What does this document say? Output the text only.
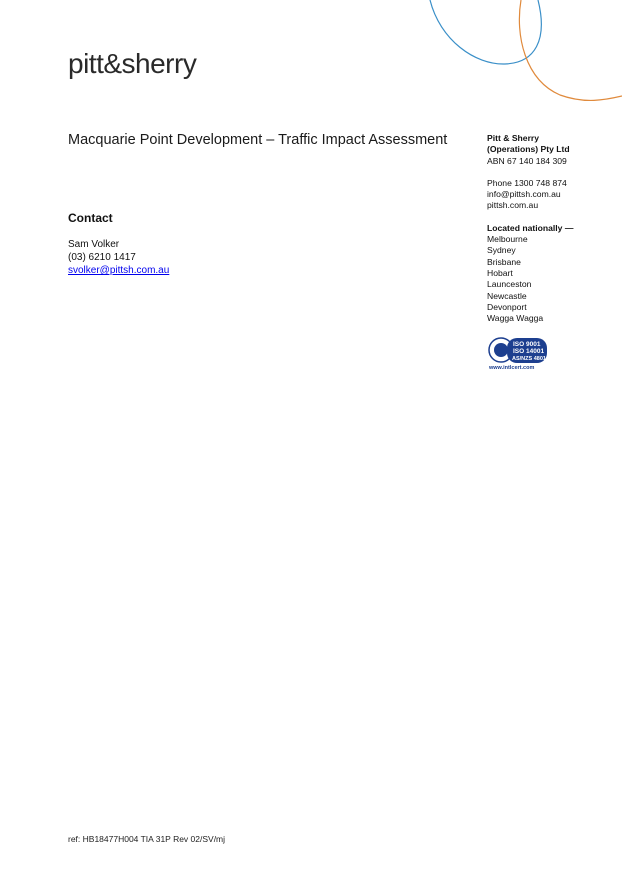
pitt&sherry
Macquarie Point Development – Traffic Impact Assessment
Contact
Sam Volker
(03) 6210 1417
svolker@pittsh.com.au
Pitt & Sherry
(Operations) Pty Ltd
ABN 67 140 184 309
Phone 1300 748 874
info@pittsh.com.au
pittsh.com.au
Located nationally —
Melbourne
Sydney
Brisbane
Hobart
Launceston
Newcastle
Devonport
Wagga Wagga
ISO 9001
ISO 14001
AS/NZS 4801
www.intlcert.com
ref: HB18477H004 TIA 31P Rev 02/SV/mj
